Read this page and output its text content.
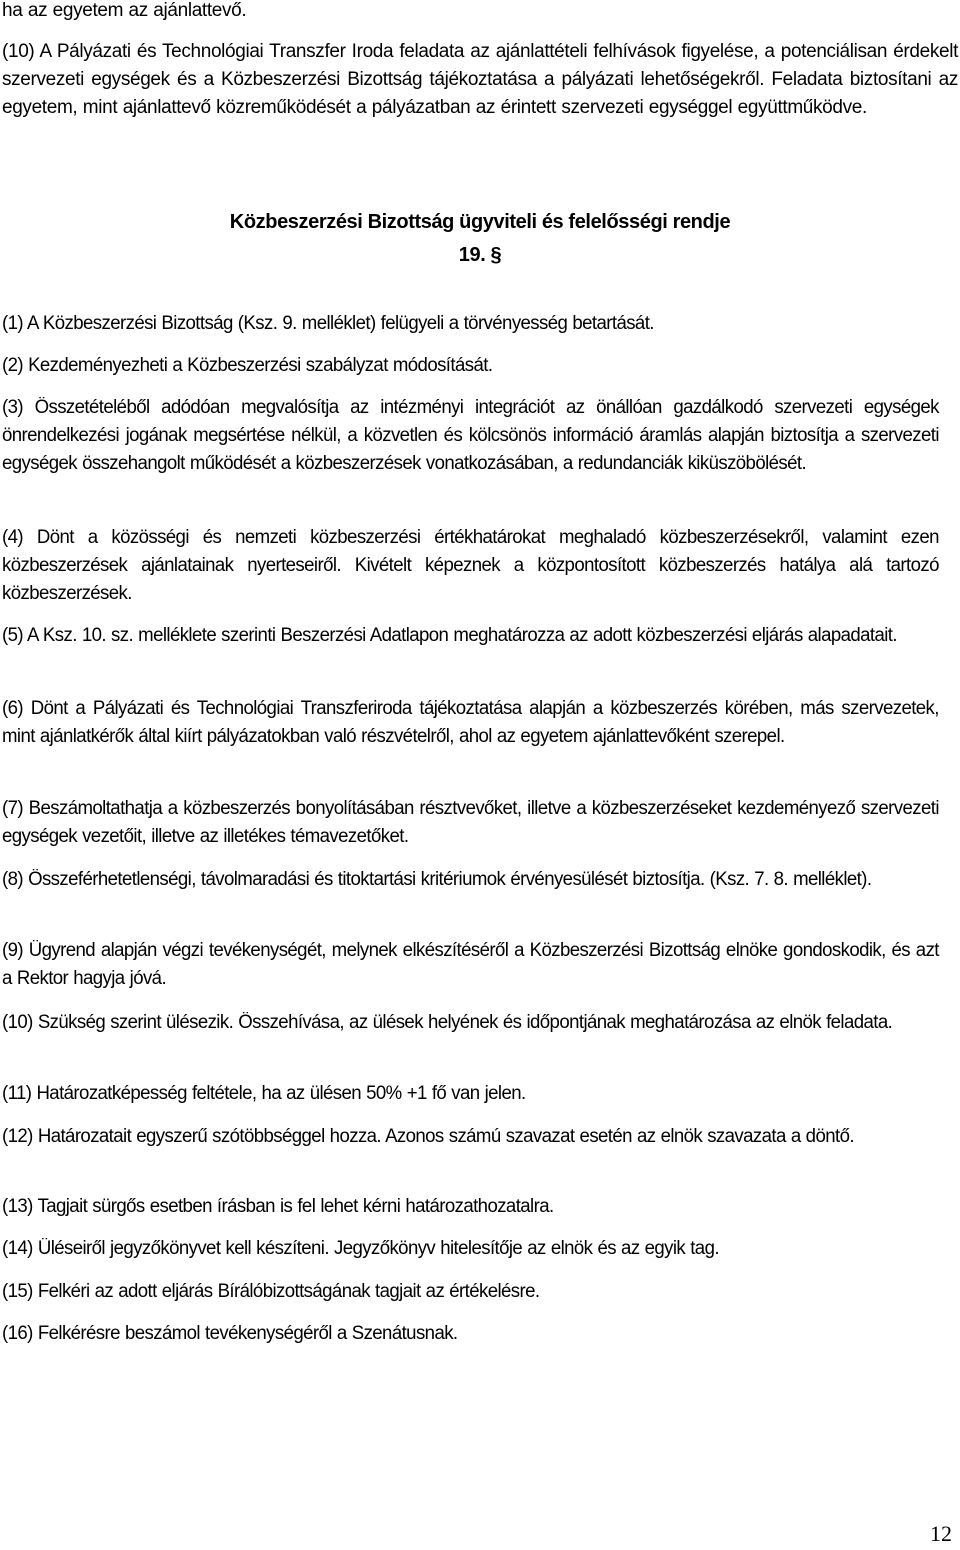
ha az egyetem az ajánlattevő.

(10) A Pályázati és Technológiai Transzfer Iroda feladata az ajánlattételi felhívások figyelése, a potenciálisan érdekelt szervezeti egységek és a Közbeszerzési Bizottság tájékoztatása a pályázati lehetőségekről. Feladata biztosítani az egyetem, mint ajánlattevő közreműködését a pályázatban az érintett szervezeti egységgel együttműködve.

Közbeszerzési Bizottság ügyviteli és felelősségi rendje

19. §

(1) A Közbeszerzési Bizottság (Ksz. 9. melléklet) felügyeli a törvényesség betartását.

(2) Kezdeményezheti a Közbeszerzési szabályzat módosítását.

(3) Összetételéből adódóan megvalósítja az intézményi integrációt az önállóan gazdálkodó szervezeti egységek önrendelkezési jogának megsértése nélkül, a közvetlen és kölcsönös információ áramlás alapján biztosítja a szervezeti egységek összehangolt működését a közbeszerzések vonatkozásában, a redundanciák kiküszöbölését.

(4) Dönt a közösségi és nemzeti közbeszerzési értékhatárokat meghaladó közbeszerzésekről, valamint ezen közbeszerzések ajánlatainak nyerteseiről. Kivételt képeznek a központosított közbeszerzés hatálya alá tartozó közbeszerzések.

(5) A Ksz. 10. sz. melléklete szerinti Beszerzési Adatlapon meghatározza az adott közbeszerzési eljárás alapadatait.

(6) Dönt a Pályázati és Technológiai Transzferiroda tájékoztatása alapján a közbeszerzés körében, más szervezetek, mint ajánlatkérők által kiírt pályázatokban való részvételről, ahol az egyetem ajánlattevőként szerepel.

(7) Beszámoltathatja a közbeszerzés bonyolításában résztvevőket, illetve a közbeszerzéseket kezdeményező szervezeti egységek vezetőit, illetve az illetékes témavezetőket.

(8) Összeférhetetlenségi, távolmaradási és titoktartási kritériumok érvényesülését biztosítja. (Ksz. 7. 8. melléklet).

(9) Ügyrend alapján végzi tevékenységét, melynek elkészítéséről a Közbeszerzési Bizottság elnöke gondoskodik, és azt a Rektor hagyja jóvá.

(10) Szükség szerint ülésezik. Összehívása, az ülések helyének és időpontjának meghatározása az elnök feladata.

(11) Határozatképesség feltétele, ha az ülésen 50% +1 fő van jelen.

(12) Határozatait egyszerű szótöbbséggel hozza. Azonos számú szavazat esetén az elnök szavazata a döntő.

(13) Tagjait sürgős esetben írásban is fel lehet kérni határozathozatalra.

(14) Üléseiről jegyzőkönyvet kell készíteni. Jegyzőkönyv hitelesítője az elnök és az egyik tag.

(15) Felkéri az adott eljárás Bírálóbizottságának tagjait az értékelésre.

(16) Felkérésre beszámol tevékenységéről a Szenátusnak.

12
